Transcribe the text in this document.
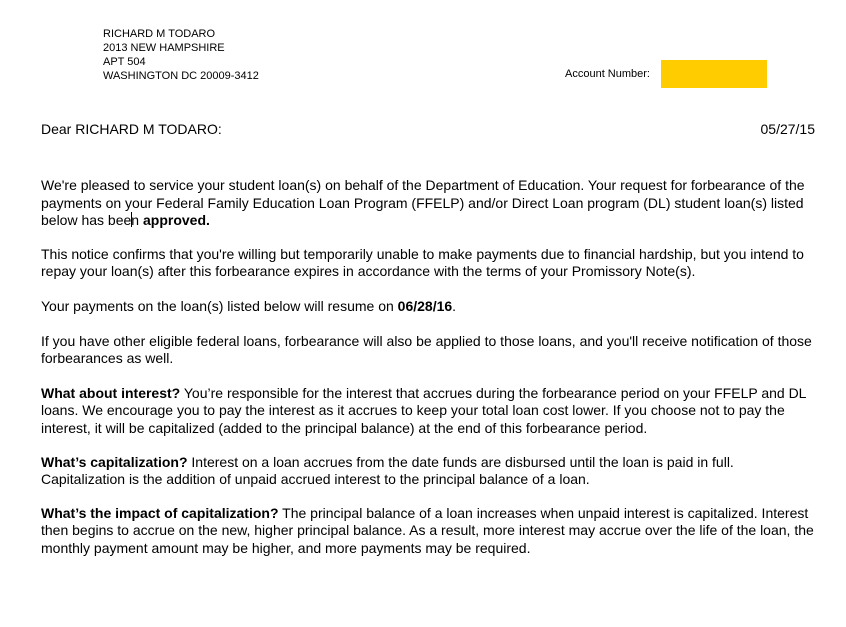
RICHARD M TODARO
2013 NEW HAMPSHIRE
APT 504
WASHINGTON DC 20009-3412	Account Number:
Dear RICHARD M TODARO:	05/27/15

We're pleased to service your student loan(s) on behalf of the Department of Education. Your request for forbearance of the payments on your Federal Family Education Loan Program (FFELP) and/or Direct Loan program (DL) student loan(s) listed below has been approved.

This notice confirms that you're willing but temporarily unable to make payments due to financial hardship, but you intend to repay your loan(s) after this forbearance expires in accordance with the terms of your Promissory Note(s).

Your payments on the loan(s) listed below will resume on 06/28/16.

If you have other eligible federal loans, forbearance will also be applied to those loans, and you'll receive notification of those forbearances as well.

What about interest? You’re responsible for the interest that accrues during the forbearance period on your FFELP and DL loans. We encourage you to pay the interest as it accrues to keep your total loan cost lower. If you choose not to pay the interest, it will be capitalized (added to the principal balance) at the end of this forbearance period.

What’s capitalization? Interest on a loan accrues from the date funds are disbursed until the loan is paid in full. Capitalization is the addition of unpaid accrued interest to the principal balance of a loan.

What’s the impact of capitalization? The principal balance of a loan increases when unpaid interest is capitalized. Interest then begins to accrue on the new, higher principal balance. As a result, more interest may accrue over the life of the loan, the monthly payment amount may be higher, and more payments may be required.
